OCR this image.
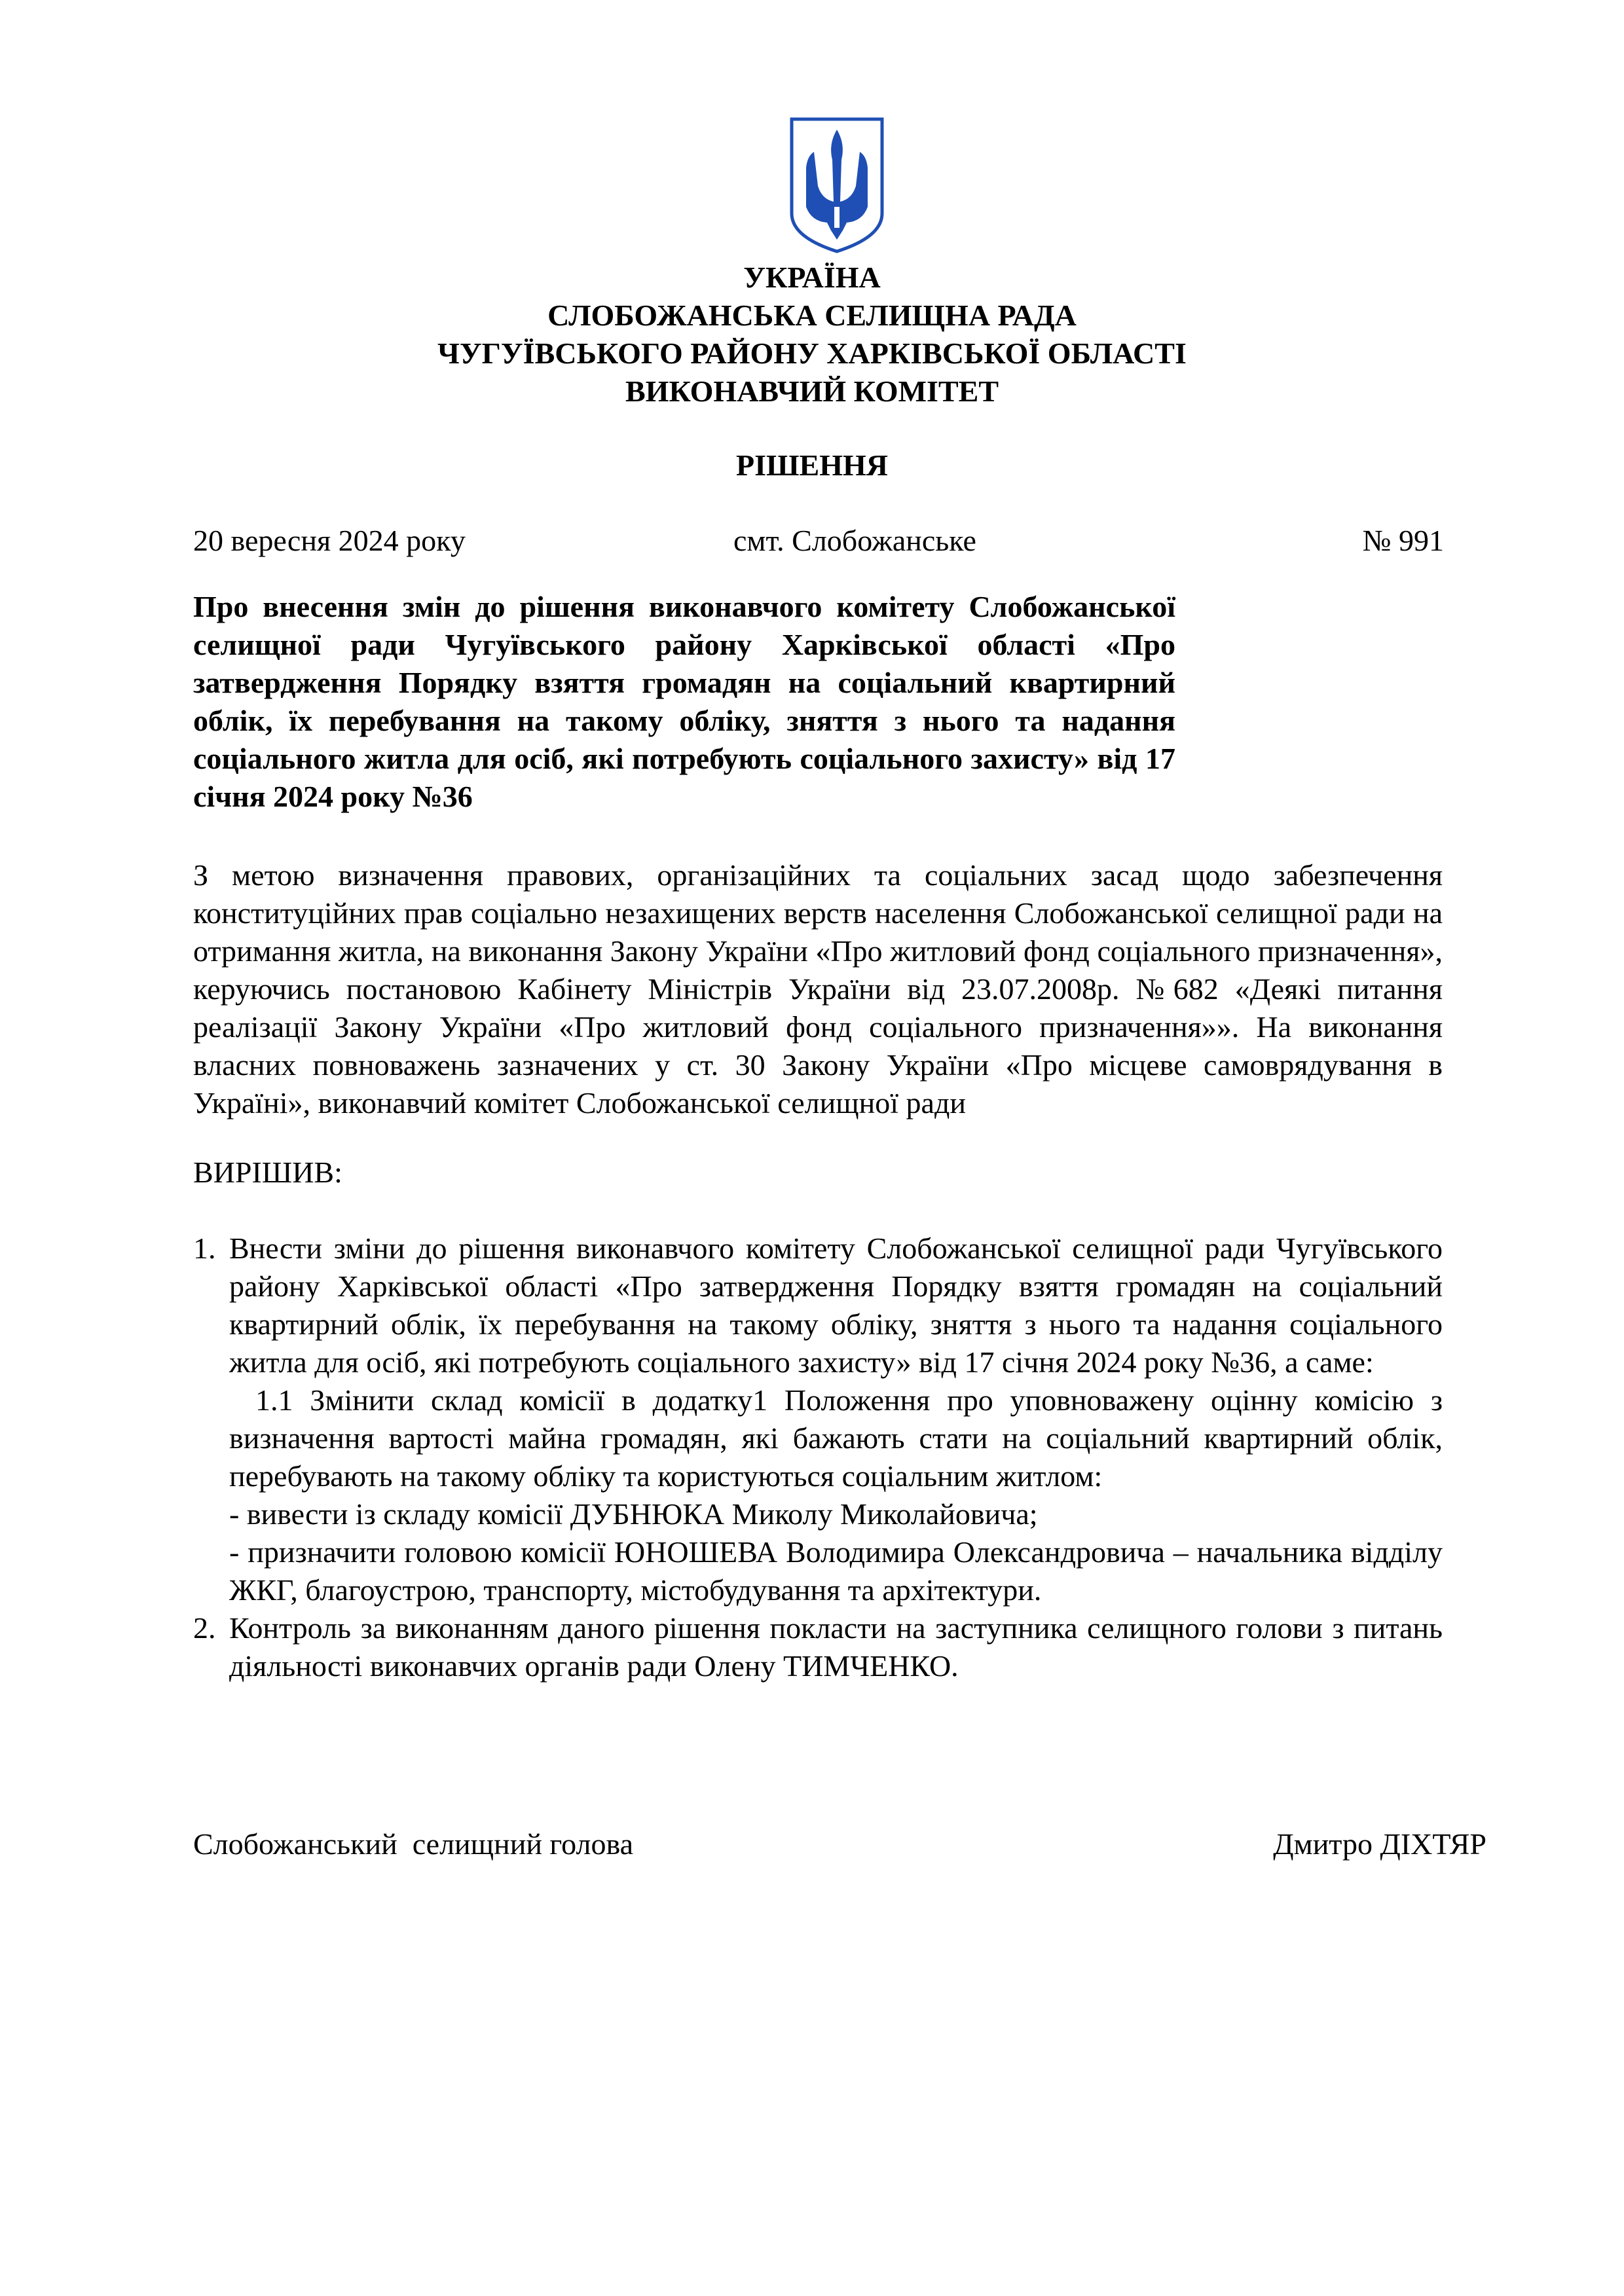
УКРАЇНА
СЛОБОЖАНСЬКА СЕЛИЩНА РАДА
ЧУГУЇВСЬКОГО РАЙОНУ ХАРКІВСЬКОЇ ОБЛАСТІ
ВИКОНАВЧИЙ КОМІТЕТ
РІШЕННЯ
20 вересня 2024 року	смт. Слобожанське	№ 991
Про внесення змін до рішення виконавчого комітету Слобожанської селищної ради Чугуївського району Харківської області «Про затвердження Порядку взяття громадян на соціальний квартирний облік, їх перебування на такому обліку, зняття з нього та надання соціального житла для осіб, які потребують соціального захисту» від 17 січня 2024 року №36
З метою визначення правових, організаційних та соціальних засад щодо забезпечення конституційних прав соціально незахищених верств населення Слобожанської селищної ради на отримання житла, на виконання Закону України «Про житловий фонд соціального призначення», керуючись постановою Кабінету Міністрів України від 23.07.2008р. №682 «Деякі питання реалізації Закону України «Про житловий фонд соціального призначення»». На виконання власних повноважень зазначених у ст. 30 Закону України «Про місцеве самоврядування в Україні», виконавчий комітет Слобожанської селищної ради
ВИРІШИВ:
1. Внести зміни до рішення виконавчого комітету Слобожанської селищної ради Чугуївського району Харківської області «Про затвердження Порядку взяття громадян на соціальний квартирний облік, їх перебування на такому обліку, зняття з нього та надання соціального житла для осіб, які потребують соціального захисту» від 17 січня 2024 року №36, а саме:
1.1 Змінити склад комісії в додатку1 Положення про уповноважену оцінну комісію з визначення вартості майна громадян, які бажають стати на соціальний квартирний облік, перебувають на такому обліку та користуються соціальним житлом:
- вивести із складу комісії ДУБНЮКА Миколу Миколайовича;
- призначити головою комісії ЮНОШЕВА Володимира Олександровича – начальника відділу ЖКГ, благоустрою, транспорту, містобудування та архітектури.
2. Контроль за виконанням даного рішення покласти на заступника селищного голови з питань діяльності виконавчих органів ради Олену ТИМЧЕНКО.
Слобожанський  селищний голова	Дмитро ДІХТЯР
